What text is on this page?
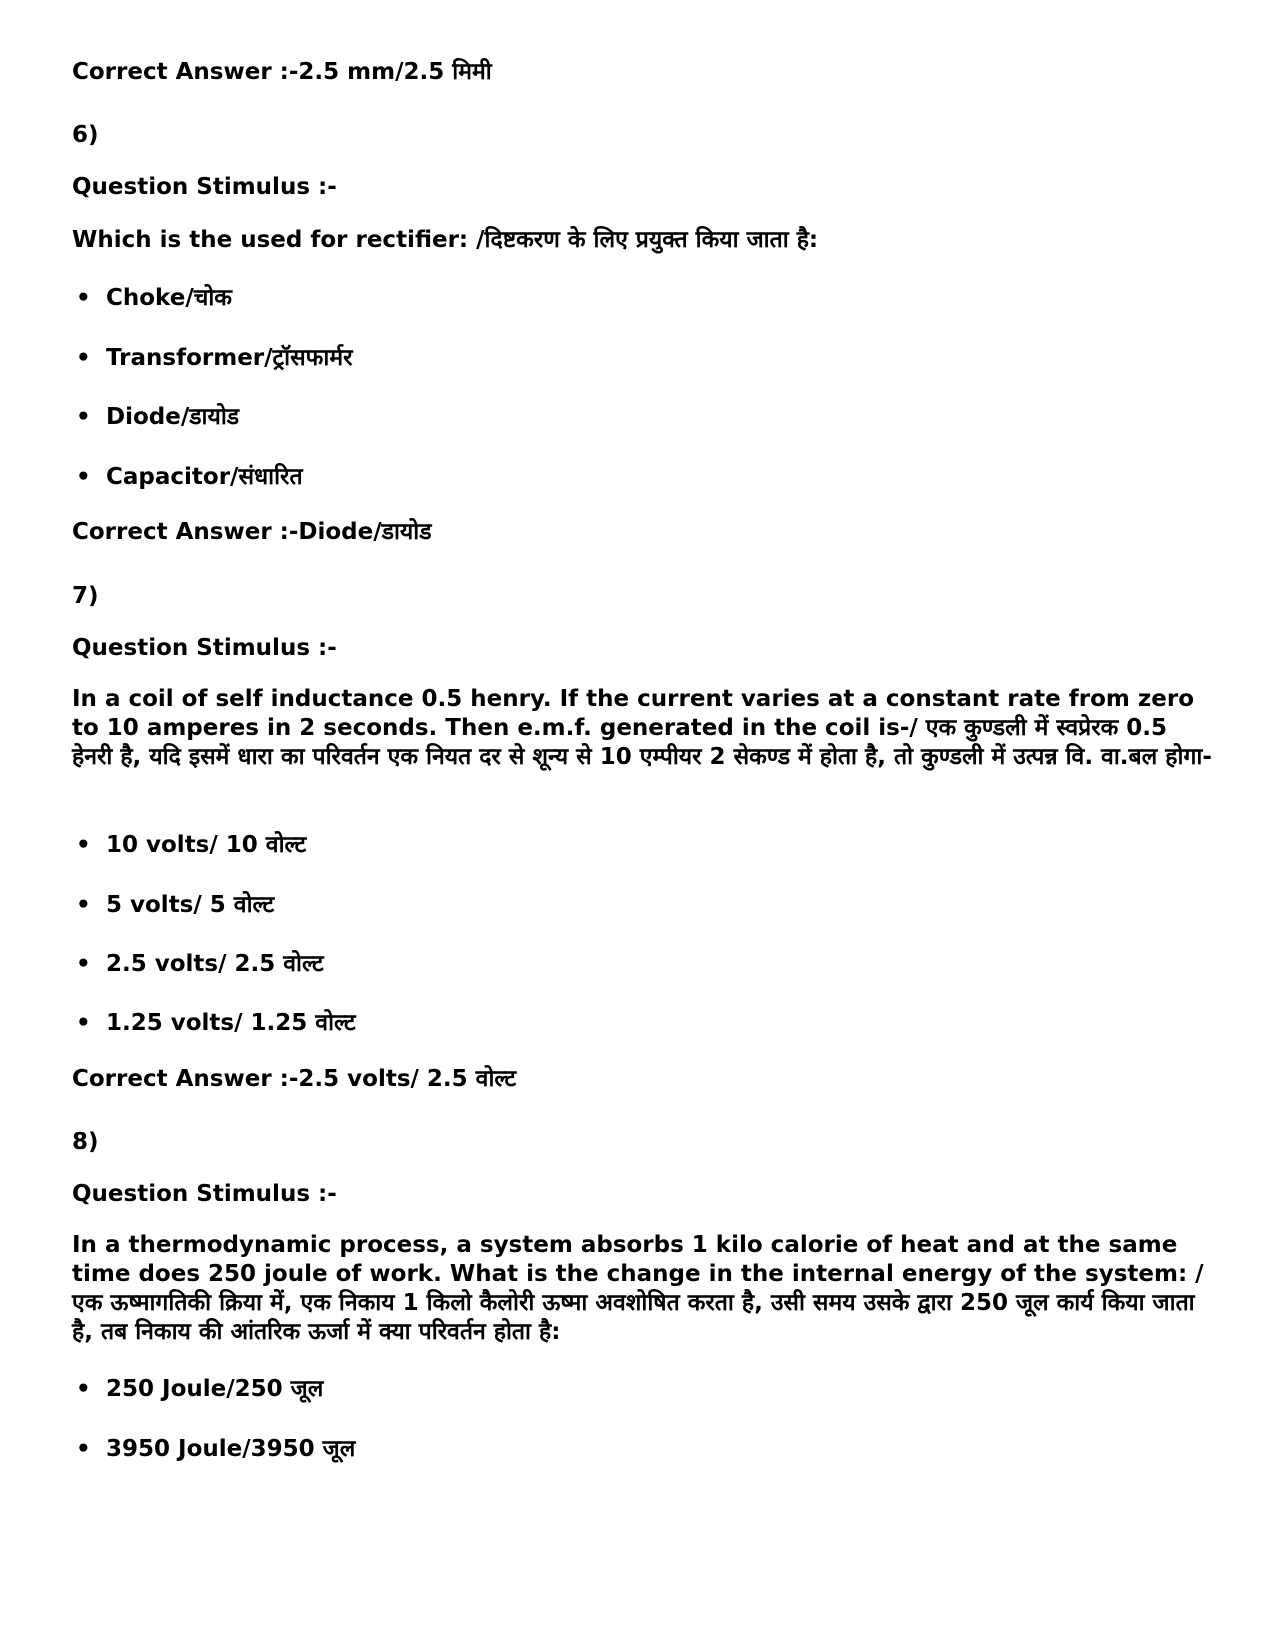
Correct Answer :-2.5 mm/2.5 मिमी
6)
Question Stimulus :-
Which is the used for rectifier: /दिष्टकरण के लिए प्रयुक्त किया जाता है:
• Choke/चोक
• Transformer/ट्रॉसफार्मर
• Diode/डायोड
• Capacitor/संधारित
Correct Answer :-Diode/डायोड
7)
Question Stimulus :-
In a coil of self inductance 0.5 henry. If the current varies at a constant rate from zero to 10 amperes in 2 seconds. Then e.m.f. generated in the coil is-/ एक कुण्डली में स्वप्रेरक 0.5 हेनरी है, यदि इसमें धारा का परिवर्तन एक नियत दर से शून्य से 10 एम्पीयर 2 सेकण्ड में होता है, तो कुण्डली में उत्पन्न वि. वा.बल होगा-
• 10 volts/ 10 वोल्ट
• 5 volts/ 5 वोल्ट
• 2.5 volts/ 2.5 वोल्ट
• 1.25 volts/ 1.25 वोल्ट
Correct Answer :-2.5 volts/ 2.5 वोल्ट
8)
Question Stimulus :-
In a thermodynamic process, a system absorbs 1 kilo calorie of heat and at the same time does 250 joule of work. What is the change in the internal energy of the system: / एक ऊष्मागतिकी क्रिया में, एक निकाय 1 किलो कैलोरी ऊष्मा अवशोषित करता है, उसी समय उसके द्वारा 250 जूल कार्य किया जाता है, तब निकाय की आंतरिक ऊर्जा में क्या परिवर्तन होता है:
• 250 Joule/250 जूल
• 3950 Joule/3950 जूल
